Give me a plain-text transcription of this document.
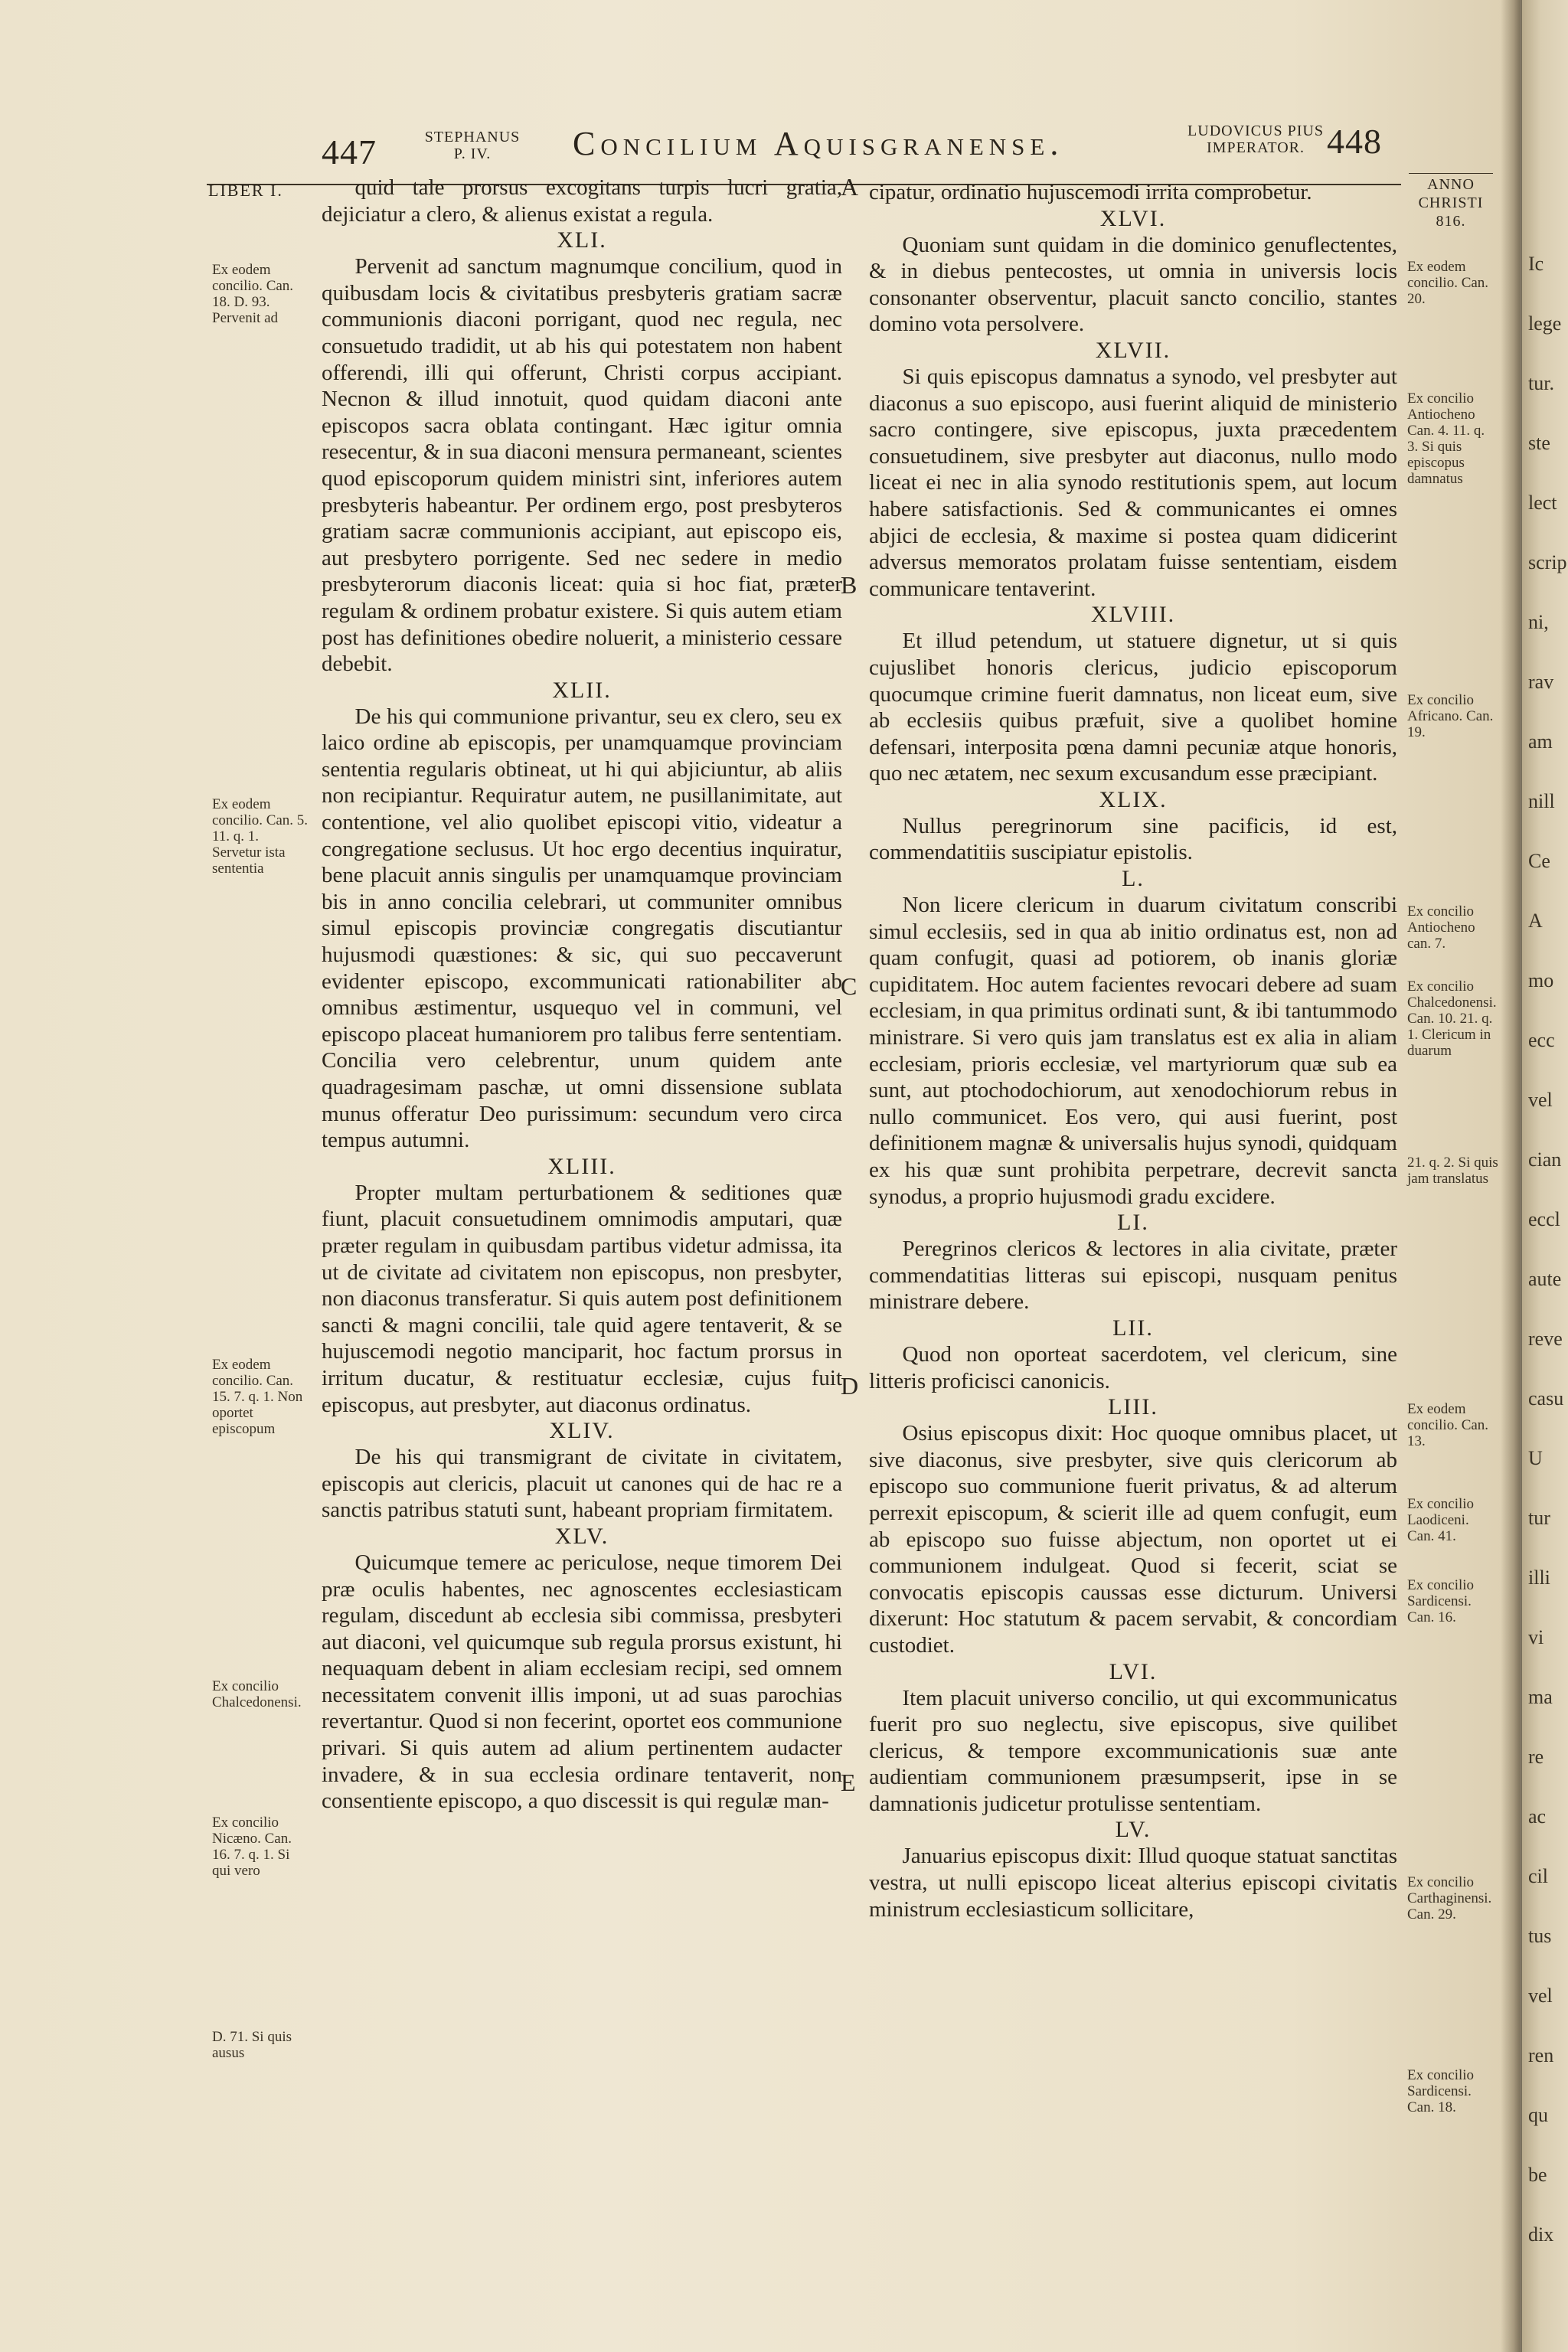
447	STEPHANUS
P. IV.	Concilium Aquisgranense.	LUDOVICUS PIUS
IMPERATOR. 448
LIBER I.	ANNO
CHRISTI
816.
Ex eodem concilio. Can. 18. D. 93. Pervenit ad
Ex eodem concilio. Can. 5. 11. q. 1. Servetur ista sententia
Ex eodem concilio. Can. 15. 7. q. 1. Non oportet episcopum
Ex concilio Chalcedonensi.
Ex concilio Nicæno. Can. 16. 7. q. 1. Si qui vero
D. 71. Si quis ausus
Ex eodem concilio. Can. 20.
Ex concilio Antiocheno Can. 4. 11. q. 3. Si quis episcopus damnatus
Ex concilio Africano. Can. 19.
Ex concilio Antiocheno can. 7.
Ex concilio Chalcedonensi. Can. 10. 21. q. 1. Clericum in duarum
21. q. 2. Si quis jam translatus
Ex eodem concilio. Can. 13.
Ex concilio Laodiceni. Can. 41.
Ex concilio Sardicensi. Can. 16.
Ex concilio Carthaginensi. Can. 29.
Ex concilio Sardicensi. Can. 18.
A
B
C
D
E

quid tale prorsus excogitans turpis lucri gratia, dejiciatur a clero, & alienus existat a regula.

XLI.

Pervenit ad sanctum magnumque concilium, quod in quibusdam locis & civitatibus presbyteris gratiam sacræ communionis diaconi porrigant, quod nec regula, nec consuetudo tradidit, ut ab his qui potestatem non habent offerendi, illi qui offerunt, Christi corpus accipiant. Necnon & illud innotuit, quod quidam diaconi ante episcopos sacra oblata contingant. Hæc igitur omnia resecentur, & in sua diaconi mensura permaneant, scientes quod episcoporum quidem ministri sint, inferiores autem presbyteris habeantur. Per ordinem ergo, post presbyteros gratiam sacræ communionis accipiant, aut episcopo eis, aut presbytero porrigente. Sed nec sedere in medio presbyterorum diaconis liceat: quia si hoc fiat, præter regulam & ordinem probatur existere. Si quis autem etiam post has definitiones obedire noluerit, a ministerio cessare debebit.

XLII.

De his qui communione privantur, seu ex clero, seu ex laico ordine ab episcopis, per unamquamque provinciam sententia regularis obtineat, ut hi qui abjiciuntur, ab aliis non recipiantur. Requiratur autem, ne pusillanimitate, aut contentione, vel alio quolibet episcopi vitio, videatur a congregatione seclusus. Ut hoc ergo decentius inquiratur, bene placuit annis singulis per unamquamque provinciam bis in anno concilia celebrari, ut communiter omnibus simul episcopis provinciæ congregatis discutiantur hujusmodi quæstiones: & sic, qui suo peccaverunt evidenter episcopo, excommunicati rationabiliter ab omnibus æstimentur, usquequo vel in communi, vel episcopo placeat humaniorem pro talibus ferre sententiam. Concilia vero celebrentur, unum quidem ante quadragesimam paschæ, ut omni dissensione sublata munus offeratur Deo purissimum: secundum vero circa tempus autumni.

XLIII.

Propter multam perturbationem & seditiones quæ fiunt, placuit consuetudinem omnimodis amputari, quæ præter regulam in quibusdam partibus videtur admissa, ita ut de civitate ad civitatem non episcopus, non presbyter, non diaconus transferatur. Si quis autem post definitionem sancti & magni concilii, tale quid agere tentaverit, & se hujuscemodi negotio manciparit, hoc factum prorsus in irritum ducatur, & restituatur ecclesiæ, cujus fuit episcopus, aut presbyter, aut diaconus ordinatus.

XLIV.

De his qui transmigrant de civitate in civitatem, episcopis aut clericis, placuit ut canones qui de hac re a sanctis patribus statuti sunt, habeant propriam firmitatem.

XLV.

Quicumque temere ac periculose, neque timorem Dei præ oculis habentes, nec agnoscentes ecclesiasticam regulam, discedunt ab ecclesia sibi commissa, presbyteri aut diaconi, vel quicumque sub regula prorsus existunt, hi nequaquam debent in aliam ecclesiam recipi, sed omnem necessitatem convenit illis imponi, ut ad suas parochias revertantur. Quod si non fecerint, oportet eos communione privari. Si quis autem ad alium pertinentem audacter invadere, & in sua ecclesia ordinare tentaverit, non consentiente episcopo, a quo discessit is qui regulæ man-

cipatur, ordinatio hujuscemodi irrita comprobetur.

XLVI.

Quoniam sunt quidam in die dominico genuflectentes, & in diebus pentecostes, ut omnia in universis locis consonanter observentur, placuit sancto concilio, stantes domino vota persolvere.

XLVII.

Si quis episcopus damnatus a synodo, vel presbyter aut diaconus a suo episcopo, ausi fuerint aliquid de ministerio sacro contingere, sive episcopus, juxta præcedentem consuetudinem, sive presbyter aut diaconus, nullo modo liceat ei nec in alia synodo restitutionis spem, aut locum habere satisfactionis. Sed & communicantes ei omnes abjici de ecclesia, & maxime si postea quam didicerint adversus memoratos prolatam fuisse sententiam, eisdem communicare tentaverint.

XLVIII.

Et illud petendum, ut statuere dignetur, ut si quis cujuslibet honoris clericus, judicio episcoporum quocumque crimine fuerit damnatus, non liceat eum, sive ab ecclesiis quibus præfuit, sive a quolibet homine defensari, interposita pœna damni pecuniæ atque honoris, quo nec ætatem, nec sexum excusandum esse præcipiant.

XLIX.

Nullus peregrinorum sine pacificis, id est, commendatitiis suscipiatur epistolis.

L.

Non licere clericum in duarum civitatum conscribi simul ecclesiis, sed in qua ab initio ordinatus est, non ad quam confugit, quasi ad potiorem, ob inanis gloriæ cupiditatem. Hoc autem facientes revocari debere ad suam ecclesiam, in qua primitus ordinati sunt, & ibi tantummodo ministrare. Si vero quis jam translatus est ex alia in aliam ecclesiam, prioris ecclesiæ, vel martyriorum quæ sub ea sunt, aut ptochodochiorum, aut xenodochiorum rebus in nullo communicet. Eos vero, qui ausi fuerint, post definitionem magnæ & universalis hujus synodi, quidquam ex his quæ sunt prohibita perpetrare, decrevit sancta synodus, a proprio hujusmodi gradu excidere.

LI.

Peregrinos clericos & lectores in alia civitate, præter commendatitias litteras sui episcopi, nusquam penitus ministrare debere.

LII.

Quod non oporteat sacerdotem, vel clericum, sine litteris proficisci canonicis.

LIII.

Osius episcopus dixit: Hoc quoque omnibus placet, ut sive diaconus, sive presbyter, sive quis clericorum ab episcopo suo communione fuerit privatus, & ad alterum perrexit episcopum, & scierit ille ad quem confugit, eum ab episcopo suo fuisse abjectum, non oportet ut ei communionem indulgeat. Quod si fecerit, sciat se convocatis episcopis caussas esse dicturum. Universi dixerunt: Hoc statutum & pacem servabit, & concordiam custodiet.

LVI.

Item placuit universo concilio, ut qui excommunicatus fuerit pro suo neglectu, sive episcopus, sive quilibet clericus, & tempore excommunicationis suæ ante audientiam communionem præsumpserit, ipse in se damnationis judicetur protulisse sententiam.

LV.

Januarius episcopus dixit: Illud quoque statuat sanctitas vestra, ut nulli episcopo liceat alterius episcopi civitatis ministrum ecclesiasticum sollicitare,

Ic
lege
tur.
ste
lect
scrip
ni,
rav
am
nill
Ce
A
mo
ecc
vel
cian
eccl
aute
reve
casu
U
tur
illi
vi
ma
re
ac
cil
tus
vel
ren
qu
be
dix
